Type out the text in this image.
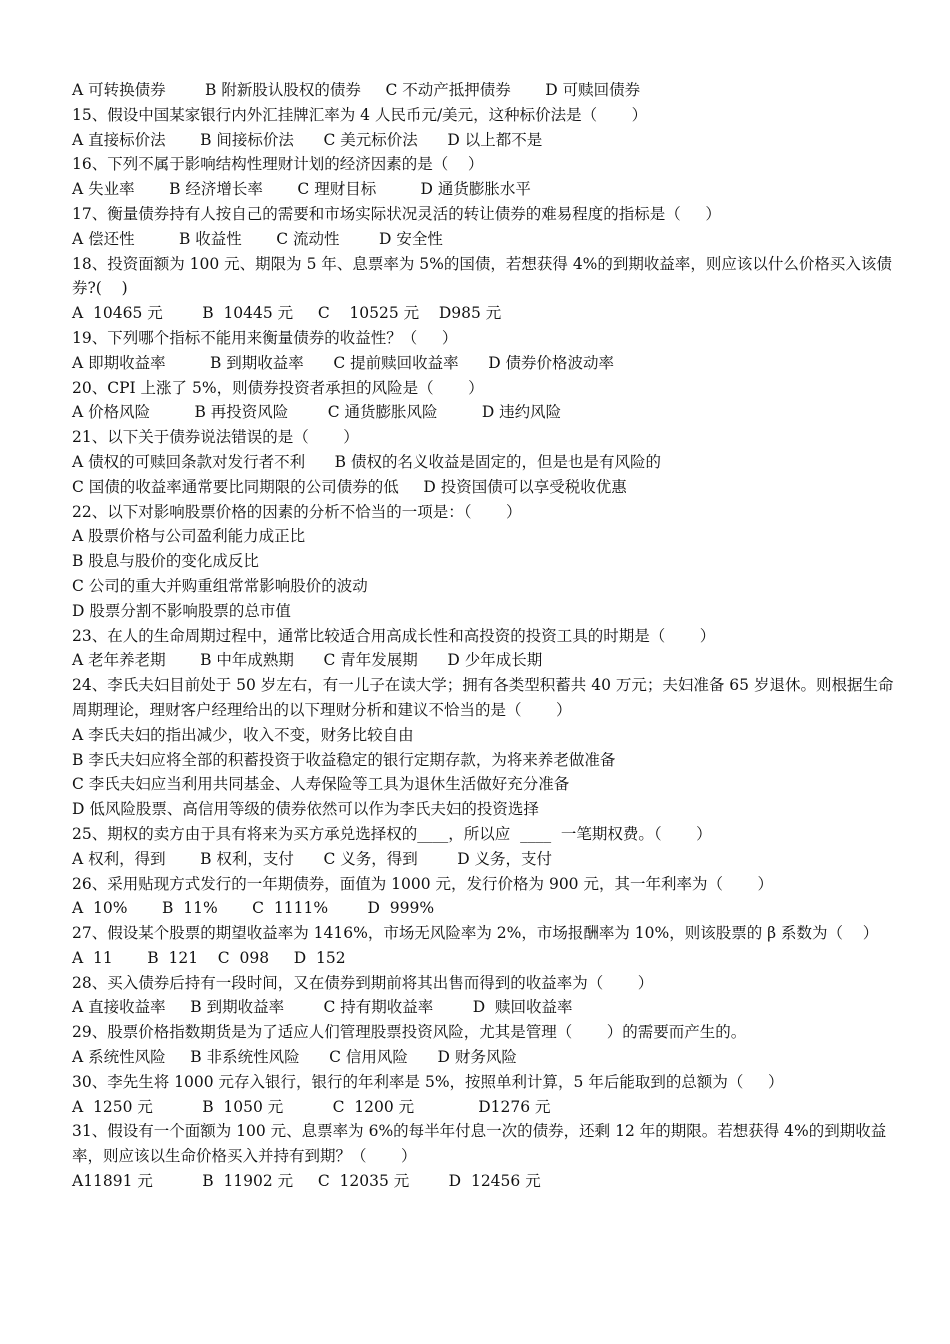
A 可转换债券        B 附新股认股权的债券     C 不动产抵押债券       D 可赎回债券
15、假设中国某家银行内外汇挂牌汇率为 4 人民币元/美元，这种标价法是（       ）
A 直接标价法       B 间接标价法      C 美元标价法      D 以上都不是
16、下列不属于影响结构性理财计划的经济因素的是（    ）
A 失业率       B 经济增长率       C 理财目标         D 通货膨胀水平
17、衡量债券持有人按自己的需要和市场实际状况灵活的转让债券的难易程度的指标是（     ）
A 偿还性         B 收益性       C 流动性        D 安全性
18、投资面额为 100 元、期限为 5 年、息票率为 5%的国债，若想获得 4%的到期收益率，则应该以什么价格买入该债券?(    )
A  10465 元        B  10445 元     C    10525 元    D985 元
19、下列哪个指标不能用来衡量债券的收益性？（     ）
A 即期收益率         B 到期收益率      C 提前赎回收益率      D 债券价格波动率
20、CPI 上涨了 5%，则债券投资者承担的风险是（       ）
A 价格风险         B 再投资风险        C 通货膨胀风险         D 违约风险
21、以下关于债券说法错误的是（       ）
A 债权的可赎回条款对发行者不利      B 债权的名义收益是固定的，但是也是有风险的
C 国债的收益率通常要比同期限的公司债券的低     D 投资国债可以享受税收优惠
22、以下对影响股票价格的因素的分析不恰当的一项是：（       ）
A 股票价格与公司盈利能力成正比
B 股息与股价的变化成反比
C 公司的重大并购重组常常影响股价的波动
D 股票分割不影响股票的总市值
23、在人的生命周期过程中，通常比较适合用高成长性和高投资的投资工具的时期是（       ）
A 老年养老期       B 中年成熟期      C 青年发展期      D 少年成长期
24、李氏夫妇目前处于 50 岁左右，有一儿子在读大学；拥有各类型积蓄共 40 万元；夫妇准备 65 岁退休。则根据生命周期理论，理财客户经理给出的以下理财分析和建议不恰当的是（       ）
A 李氏夫妇的指出减少，收入不变，财务比较自由
B 李氏夫妇应将全部的积蓄投资于收益稳定的银行定期存款，为将来养老做准备
C 李氏夫妇应当利用共同基金、人寿保险等工具为退休生活做好充分准备
D 低风险股票、高信用等级的债券依然可以作为李氏夫妇的投资选择
25、期权的卖方由于具有将来为买方承兑选择权的____，所以应  ____  一笔期权费。（       ）
A 权利，得到       B 权利，支付      C 义务，得到        D 义务，支付
26、采用贴现方式发行的一年期债券，面值为 1000 元，发行价格为 900 元，其一年利率为（       ）
A  10%       B  11%       C  1111%        D  999%
27、假设某个股票的期望收益率为 1416%，市场无风险率为 2%，市场报酬率为 10%，则该股票的 β 系数为（    ）
A  11       B  121    C  098     D  152
28、买入债券后持有一段时间，又在债券到期前将其出售而得到的收益率为（       ）
A 直接收益率     B 到期收益率        C 持有期收益率        D  赎回收益率
29、股票价格指数期货是为了适应人们管理股票投资风险，尤其是管理（       ）的需要而产生的。
A 系统性风险     B 非系统性风险      C 信用风险      D 财务风险
30、李先生将 1000 元存入银行，银行的年利率是 5%，按照单利计算，5 年后能取到的总额为（     ）
A  1250 元          B  1050 元          C  1200 元             D1276 元
31、假设有一个面额为 100 元、息票率为 6%的每半年付息一次的债券，还剩 12 年的期限。若想获得 4%的到期收益率，则应该以生命价格买入并持有到期？（       ）
A11891 元          B  11902 元     C  12035 元        D  12456 元
